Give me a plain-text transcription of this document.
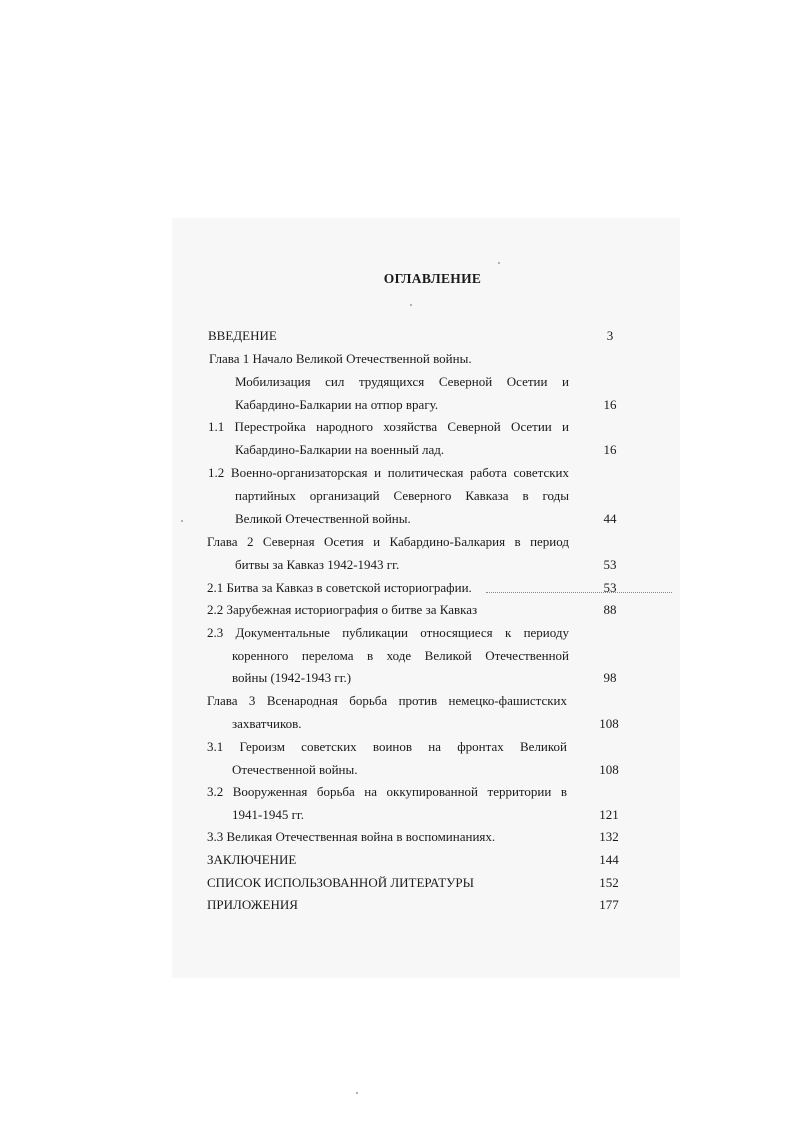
ОГЛАВЛЕНИЕ
ВВЕДЕНИЕ	3
Глава 1 Начало Великой Отечественной войны.
Мобилизация сил трудящихся Северной Осетии и
Кабардино-Балкарии на отпор врагу.	16
1.1 Перестройка народного хозяйства Северной Осетии и
Кабардино-Балкарии на военный лад.	16
1.2 Военно-организаторская и политическая работа советских
партийных организаций Северного Кавказа в годы
Великой Отечественной войны.	44
Глава 2 Северная Осетия и Кабардино-Балкария в период
битвы за Кавказ 1942-1943 гг.	53
2.1 Битва за Кавказ в советской историографии.	53
2.2 Зарубежная историография о битве за Кавказ	88
2.3 Документальные публикации относящиеся к периоду
коренного перелома в ходе Великой Отечественной
войны (1942-1943 гг.)	98
Глава 3 Всенародная борьба против немецко-фашистских
захватчиков.	108
3.1 Героизм советских воинов на фронтах Великой
Отечественной войны.	108
3.2 Вооруженная борьба на оккупированной территории в
1941-1945 гг.	121
3.3 Великая Отечественная война в воспоминаниях.	132
ЗАКЛЮЧЕНИЕ	144
СПИСОК ИСПОЛЬЗОВАННОЙ ЛИТЕРАТУРЫ	152
ПРИЛОЖЕНИЯ	177
